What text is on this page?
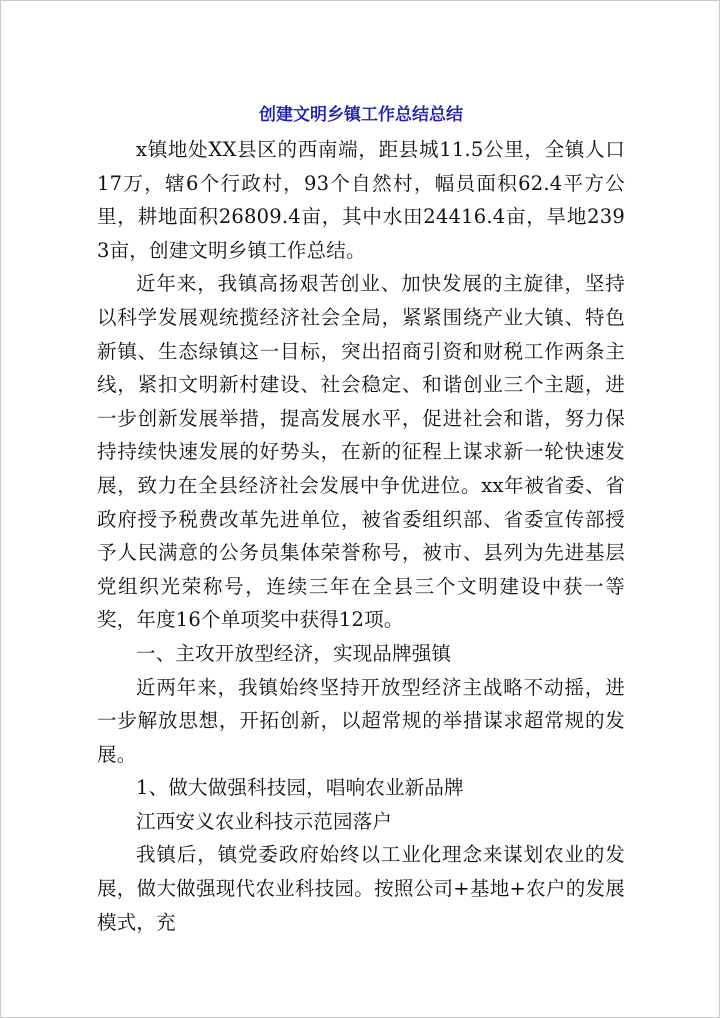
创建文明乡镇工作总结总结

x镇地处XX县区的西南端，距县城11.5公里，全镇人口17万，辖6个行政村，93个自然村，幅员面积62.4平方公里，耕地面积26809.4亩，其中水田24416.4亩，旱地2393亩，创建文明乡镇工作总结。

近年来，我镇高扬艰苦创业、加快发展的主旋律，坚持以科学发展观统揽经济社会全局，紧紧围绕产业大镇、特色新镇、生态绿镇这一目标，突出招商引资和财税工作两条主线，紧扣文明新村建设、社会稳定、和谐创业三个主题，进一步创新发展举措，提高发展水平，促进社会和谐，努力保持持续快速发展的好势头，在新的征程上谋求新一轮快速发展，致力在全县经济社会发展中争优进位。xx年被省委、省政府授予税费改革先进单位，被省委组织部、省委宣传部授予人民满意的公务员集体荣誉称号，被市、县列为先进基层党组织光荣称号，连续三年在全县三个文明建设中获一等奖，年度16个单项奖中获得12项。

一、主攻开放型经济，实现品牌强镇

近两年来，我镇始终坚持开放型经济主战略不动摇，进一步解放思想，开拓创新，以超常规的举措谋求超常规的发展。

1、做大做强科技园，唱响农业新品牌

江西安义农业科技示范园落户

我镇后，镇党委政府始终以工业化理念来谋划农业的发展，做大做强现代农业科技园。按照公司+基地+农户的发展模式，充
